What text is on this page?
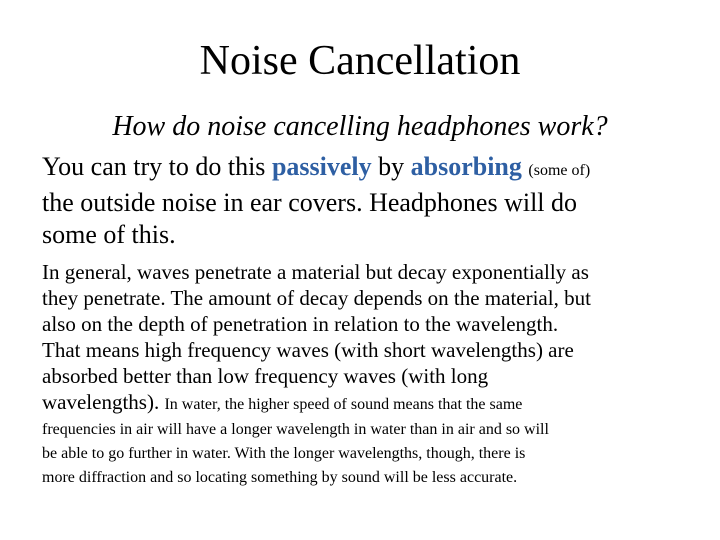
Noise Cancellation
How do noise cancelling headphones work?
You can try to do this passively by absorbing (some of)
the outside noise in ear covers. Headphones will do
some of this.
In general, waves penetrate a material but decay exponentially as
they penetrate. The amount of decay depends on the material, but
also on the depth of penetration in relation to the wavelength.
That means high frequency waves (with short wavelengths) are
absorbed better than low frequency waves (with long
wavelengths). In water, the higher speed of sound means that the same
frequencies in air will have a longer wavelength in water than in air and so will
be able to go further in water. With the longer wavelengths, though, there is
more diffraction and so locating something by sound will be less accurate.
